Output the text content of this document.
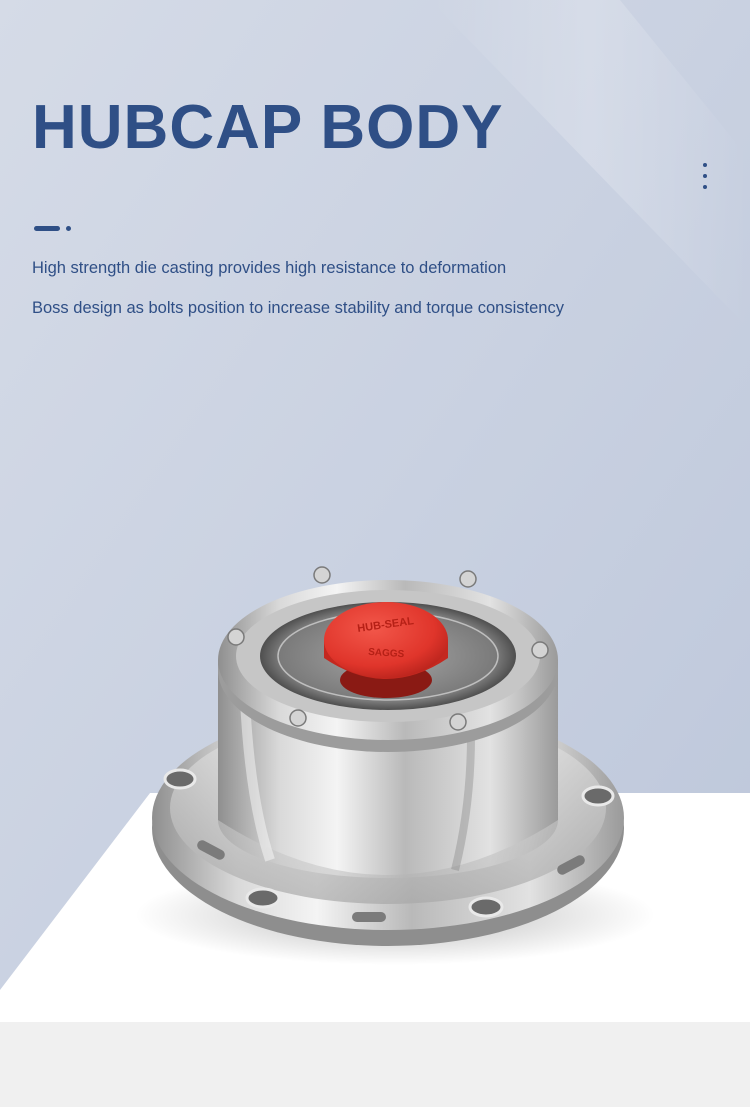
HUBCAP BODY

High strength die casting provides high resistance to deformation

Boss design as bolts position to increase stability and torque consistency

HUB-SEAL
SAGGS
